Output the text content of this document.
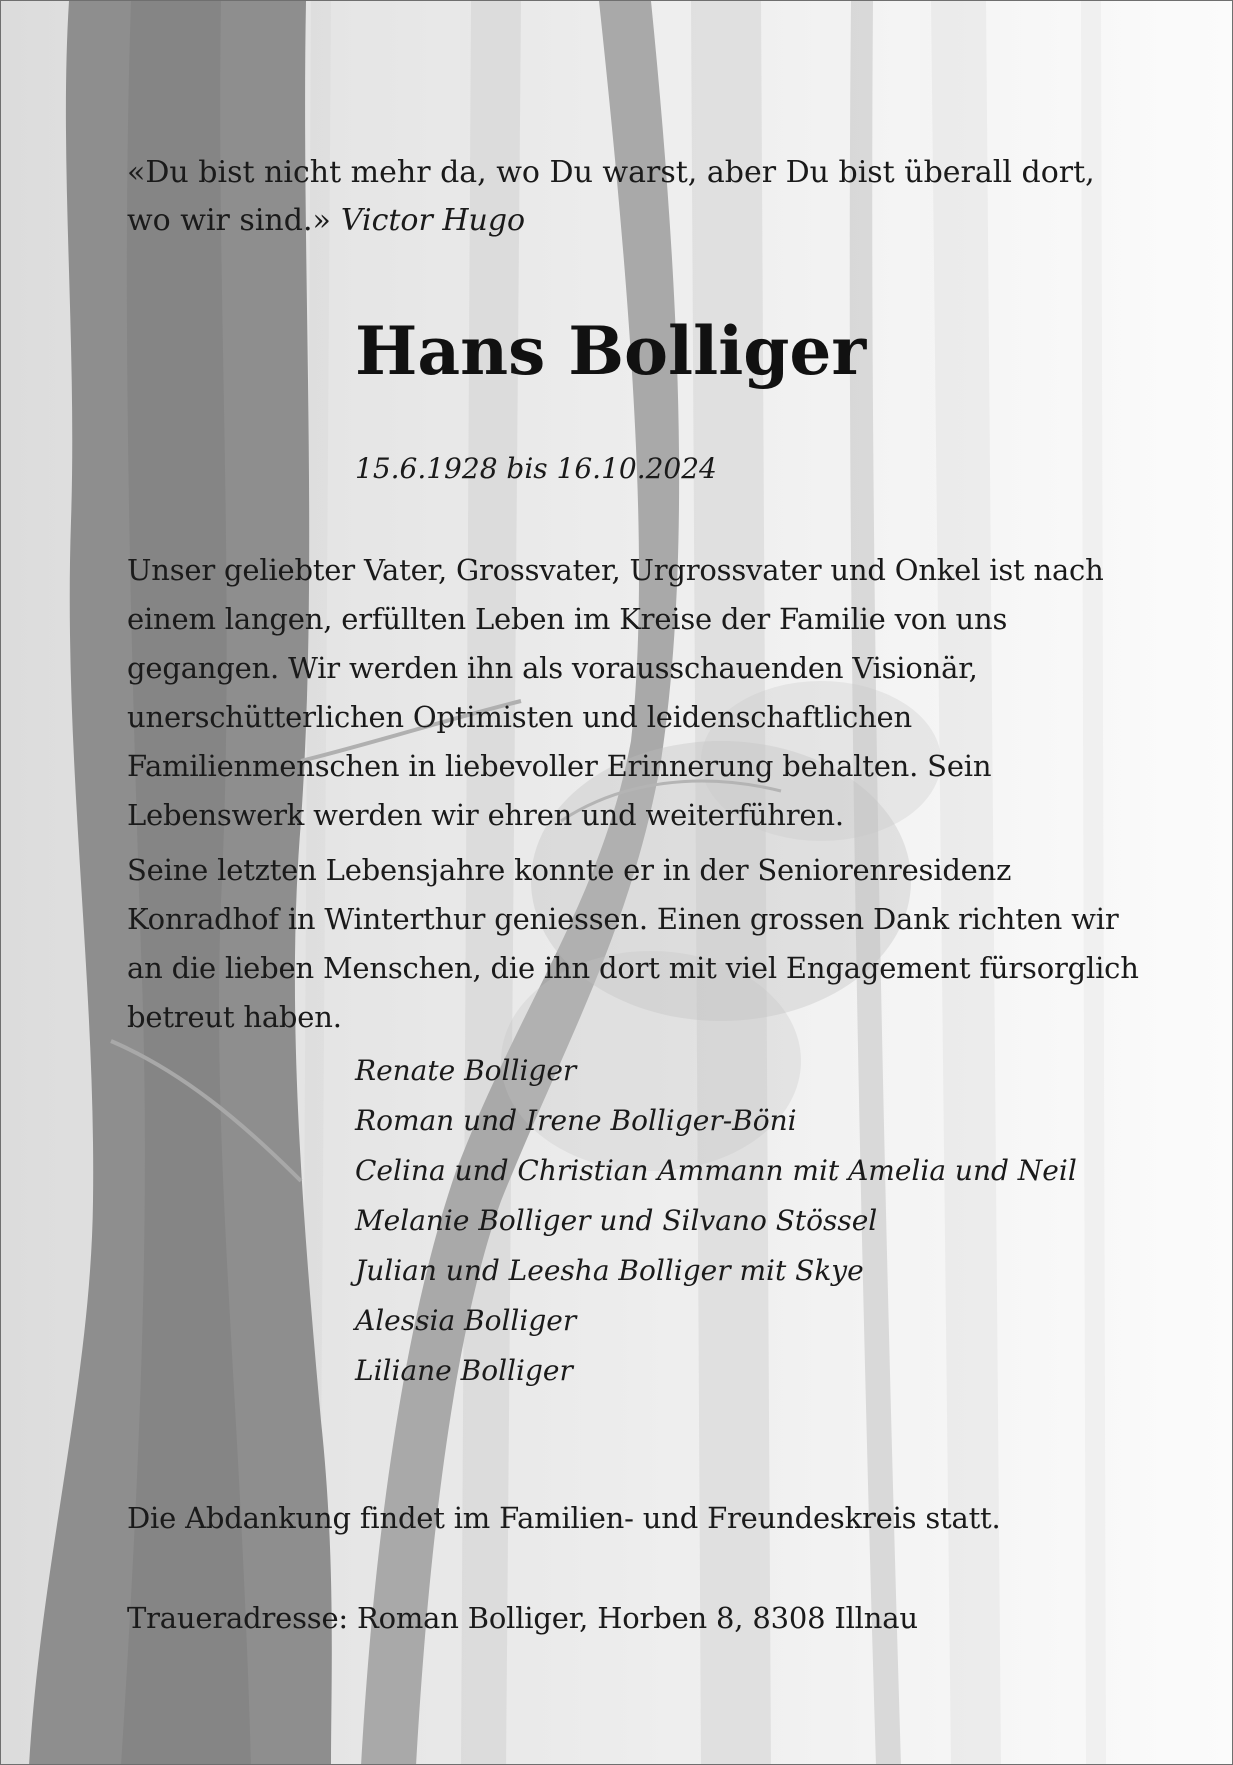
«Du bist nicht mehr da, wo Du warst, aber Du bist überall dort, wo wir sind.» Victor Hugo

Hans Bolliger

15.6.1928 bis 16.10.2024

Unser geliebter Vater, Grossvater, Urgrossvater und Onkel ist nach einem langen, erfüllten Leben im Kreise der Familie von uns gegangen. Wir werden ihn als vorausschauenden Visionär, unerschütterlichen Optimisten und leidenschaftlichen Familienmenschen in liebevoller Erinnerung behalten. Sein Lebenswerk werden wir ehren und weiterführen.

Seine letzten Lebensjahre konnte er in der Seniorenresidenz Konradhof in Winterthur geniessen. Einen grossen Dank richten wir an die lieben Menschen, die ihn dort mit viel Engagement fürsorglich betreut haben.

Renate Bolliger
Roman und Irene Bolliger-Böni
Celina und Christian Ammann mit Amelia und Neil
Melanie Bolliger und Silvano Stössel
Julian und Leesha Bolliger mit Skye
Alessia Bolliger
Liliane Bolliger

Die Abdankung findet im Familien- und Freundeskreis statt.

Traueradresse: Roman Bolliger, Horben 8, 8308 Illnau
